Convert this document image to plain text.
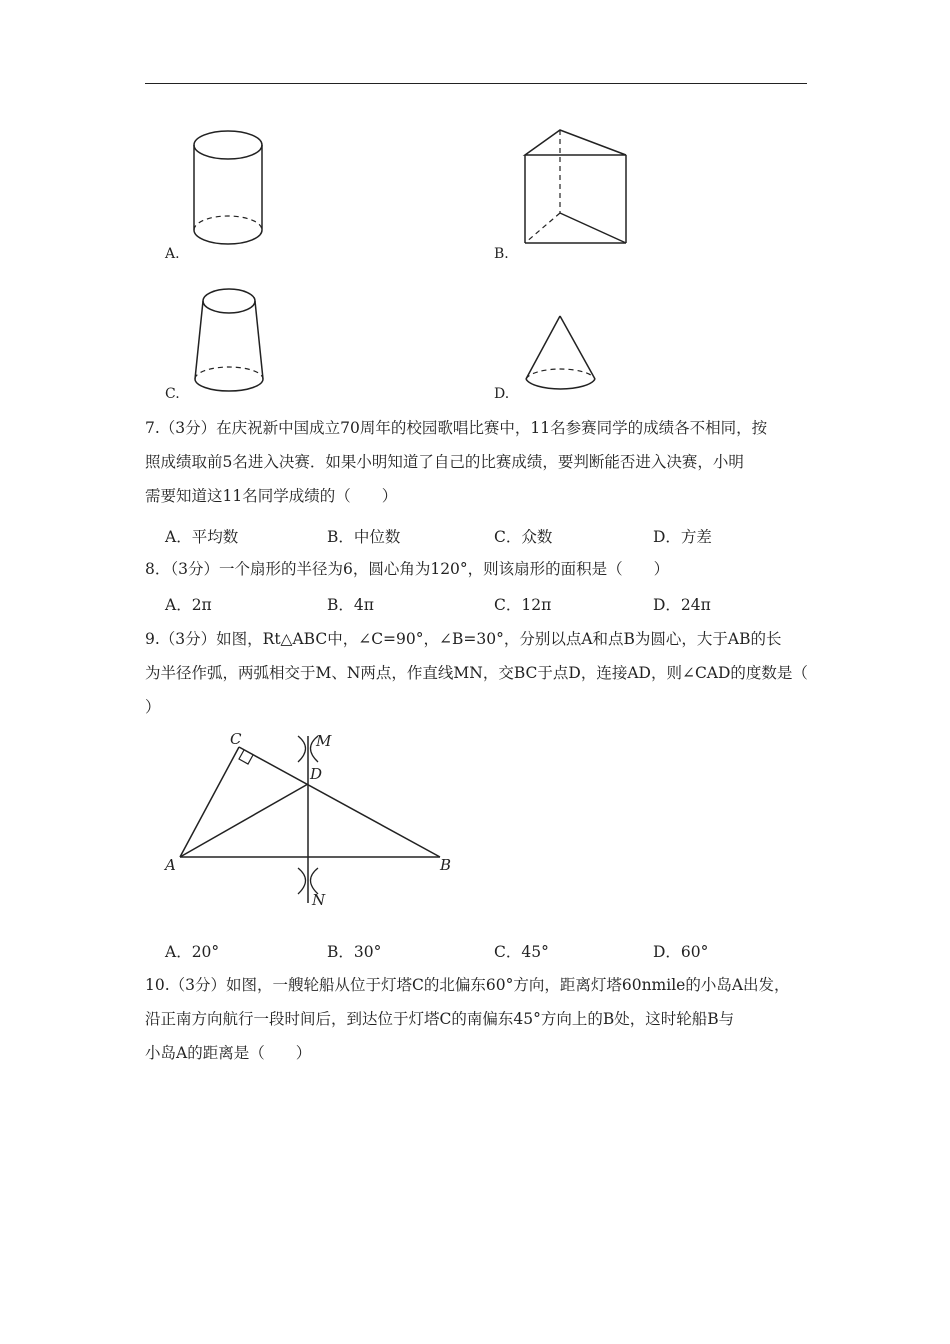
A.	B.
C.	D.
7.（3分）在庆祝新中国成立70周年的校园歌唱比赛中，11名参赛同学的成绩各不相同，按
照成绩取前5名进入决赛．如果小明知道了自己的比赛成绩，要判断能否进入决赛，小明
需要知道这11名同学成绩的（　　）
A．平均数	B．中位数	C．众数	D．方差
8．（3分）一个扇形的半径为6，圆心角为120°，则该扇形的面积是（　　）
A．2π	B．4π	C．12π	D．24π
9.（3分）如图，Rt△ABC中，∠C=90°，∠B=30°，分别以点A和点B为圆心，大于AB的长
为半径作弧，两弧相交于M、N两点，作直线MN，交BC于点D，连接AD，则∠CAD的度数是（
）
C	M
D
A	B
N
A．20°	B．30°	C．45°	D．60°
10.（3分）如图，一艘轮船从位于灯塔C的北偏东60°方向，距离灯塔60nmile的小岛A出发，
沿正南方向航行一段时间后，到达位于灯塔C的南偏东45°方向上的B处，这时轮船B与
小岛A的距离是（　　）
